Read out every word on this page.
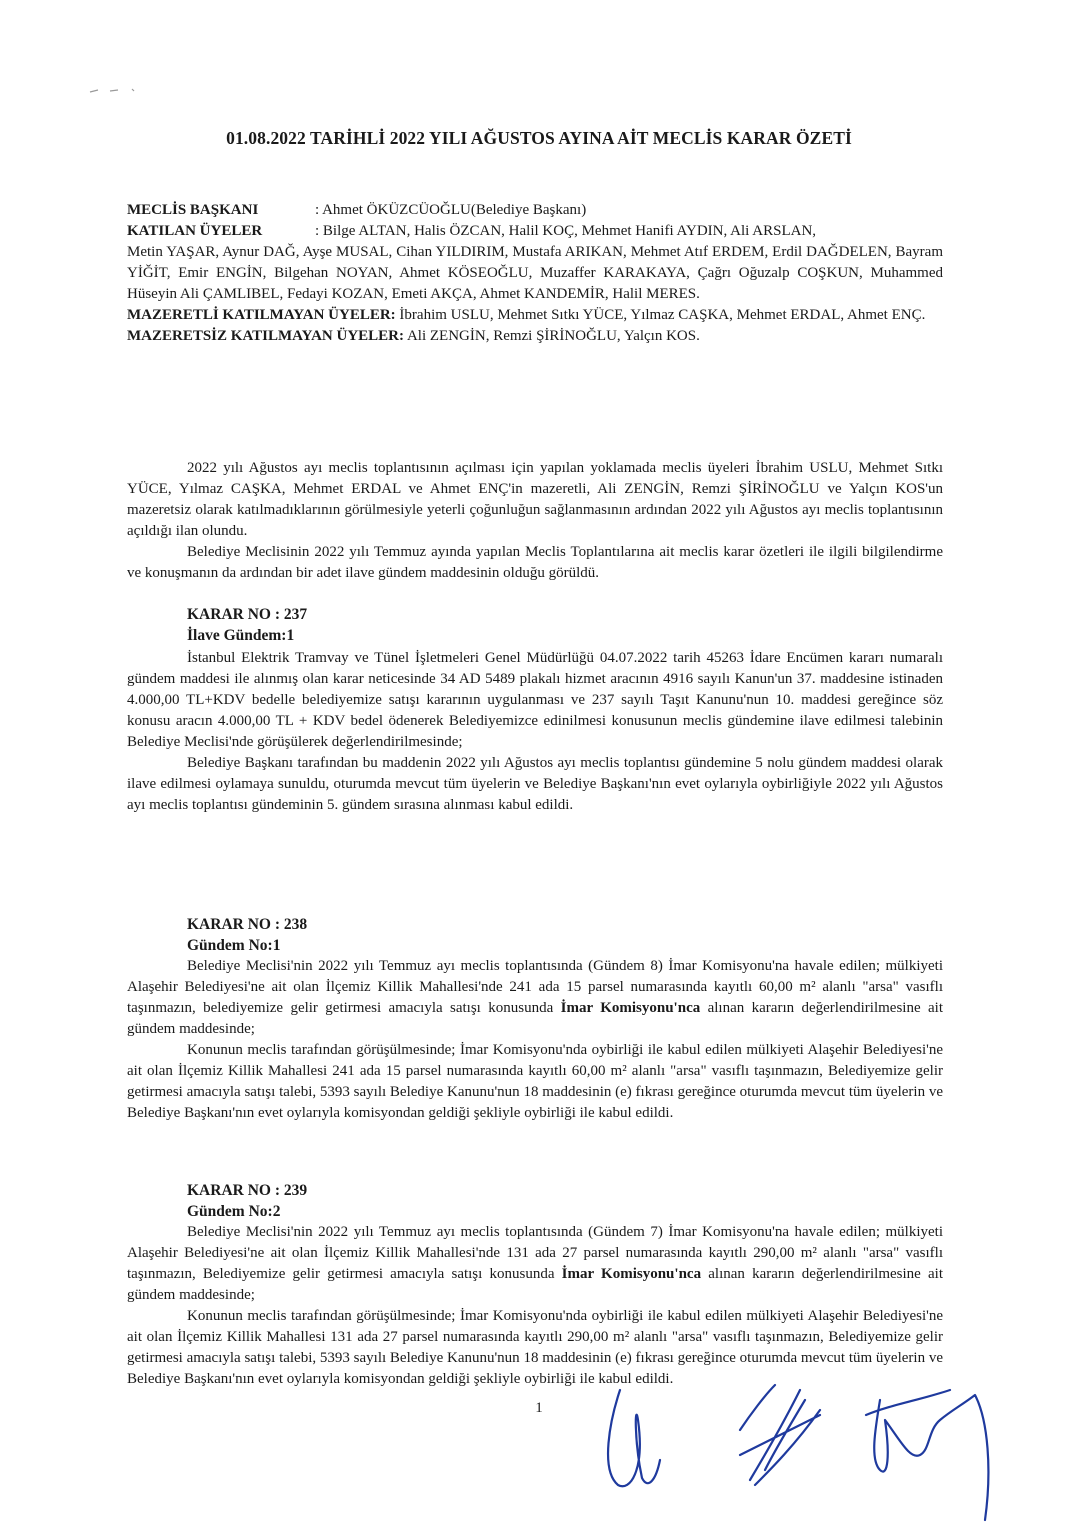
01.08.2022 TARİHLİ 2022 YILI AĞUSTOS AYINA AİT MECLİS KARAR ÖZETİ
MECLİS BAŞKANI	: Ahmet ÖKÜZCÜOĞLU(Belediye Başkanı)
KATILAN ÜYELER	: Bilge ALTAN, Halis ÖZCAN, Halil KOÇ, Mehmet Hanifi AYDIN, Ali ARSLAN,
Metin YAŞAR, Aynur DAĞ, Ayşe MUSAL, Cihan YILDIRIM, Mustafa ARIKAN, Mehmet Atıf ERDEM, Erdil DAĞDELEN, Bayram YİĞİT, Emir ENGİN, Bilgehan NOYAN, Ahmet KÖSEOĞLU, Muzaffer KARAKAYA, Çağrı Oğuzalp COŞKUN, Muhammed Hüseyin Ali ÇAMLIBEL, Fedayi KOZAN, Emeti AKÇA, Ahmet KANDEMİR, Halil MERES.
MAZERETLİ KATILMAYAN ÜYELER: İbrahim USLU, Mehmet Sıtkı YÜCE, Yılmaz CAŞKA, Mehmet ERDAL, Ahmet ENÇ.
MAZERETSİZ KATILMAYAN ÜYELER: Ali ZENGİN, Remzi ŞİRİNOĞLU, Yalçın KOS.

2022 yılı Ağustos ayı meclis toplantısının açılması için yapılan yoklamada meclis üyeleri İbrahim USLU, Mehmet Sıtkı YÜCE, Yılmaz CAŞKA, Mehmet ERDAL ve Ahmet ENÇ'in mazeretli, Ali ZENGİN, Remzi ŞİRİNOĞLU ve Yalçın KOS'un mazeretsiz olarak katılmadıklarının görülmesiyle yeterli çoğunluğun sağlanmasının ardından 2022 yılı Ağustos ayı meclis toplantısının açıldığı ilan olundu.

Belediye Meclisinin 2022 yılı Temmuz ayında yapılan Meclis Toplantılarına ait meclis karar özetleri ile ilgili bilgilendirme ve konuşmanın da ardından bir adet ilave gündem maddesinin olduğu görüldü.

KARAR NO : 237
İlave Gündem:1

İstanbul Elektrik Tramvay ve Tünel İşletmeleri Genel Müdürlüğü 04.07.2022 tarih 45263 İdare Encümen kararı numaralı gündem maddesi ile alınmış olan karar neticesinde 34 AD 5489 plakalı hizmet aracının 4916 sayılı Kanun'un 37. maddesine istinaden 4.000,00 TL+KDV bedelle belediyemize satışı kararının uygulanması ve 237 sayılı Taşıt Kanunu'nun 10. maddesi gereğince söz konusu aracın 4.000,00 TL + KDV bedel ödenerek Belediyemizce edinilmesi konusunun meclis gündemine ilave edilmesi talebinin Belediye Meclisi'nde görüşülerek değerlendirilmesinde;

Belediye Başkanı tarafından bu maddenin 2022 yılı Ağustos ayı meclis toplantısı gündemine 5 nolu gündem maddesi olarak ilave edilmesi oylamaya sunuldu, oturumda mevcut tüm üyelerin ve Belediye Başkanı'nın evet oylarıyla oybirliğiyle 2022 yılı Ağustos ayı meclis toplantısı gündeminin 5. gündem sırasına alınması kabul edildi.

KARAR NO : 238
Gündem No:1

Belediye Meclisi'nin 2022 yılı Temmuz ayı meclis toplantısında (Gündem 8) İmar Komisyonu'na havale edilen; mülkiyeti Alaşehir Belediyesi'ne ait olan İlçemiz Killik Mahallesi'nde 241 ada 15 parsel numarasında kayıtlı 60,00 m² alanlı "arsa" vasıflı taşınmazın, belediyemize gelir getirmesi amacıyla satışı konusunda İmar Komisyonu'nca alınan kararın değerlendirilmesine ait gündem maddesinde;

Konunun meclis tarafından görüşülmesinde; İmar Komisyonu'nda oybirliği ile kabul edilen mülkiyeti Alaşehir Belediyesi'ne ait olan İlçemiz Killik Mahallesi 241 ada 15 parsel numarasında kayıtlı 60,00 m² alanlı "arsa" vasıflı taşınmazın, Belediyemize gelir getirmesi amacıyla satışı talebi, 5393 sayılı Belediye Kanunu'nun 18 maddesinin (e) fıkrası gereğince oturumda mevcut tüm üyelerin ve Belediye Başkanı'nın evet oylarıyla komisyondan geldiği şekliyle oybirliği ile kabul edildi.

KARAR NO : 239
Gündem No:2

Belediye Meclisi'nin 2022 yılı Temmuz ayı meclis toplantısında (Gündem 7) İmar Komisyonu'na havale edilen; mülkiyeti Alaşehir Belediyesi'ne ait olan İlçemiz Killik Mahallesi'nde 131 ada 27 parsel numarasında kayıtlı 290,00 m² alanlı "arsa" vasıflı taşınmazın, Belediyemize gelir getirmesi amacıyla satışı konusunda İmar Komisyonu'nca alınan kararın değerlendirilmesine ait gündem maddesinde;

Konunun meclis tarafından görüşülmesinde; İmar Komisyonu'nda oybirliği ile kabul edilen mülkiyeti Alaşehir Belediyesi'ne ait olan İlçemiz Killik Mahallesi 131 ada 27 parsel numarasında kayıtlı 290,00 m² alanlı "arsa" vasıflı taşınmazın, Belediyemize gelir getirmesi amacıyla satışı talebi, 5393 sayılı Belediye Kanunu'nun 18 maddesinin (e) fıkrası gereğince oturumda mevcut tüm üyelerin ve Belediye Başkanı'nın evet oylarıyla komisyondan geldiği şekliyle oybirliği ile kabul edildi.

1
